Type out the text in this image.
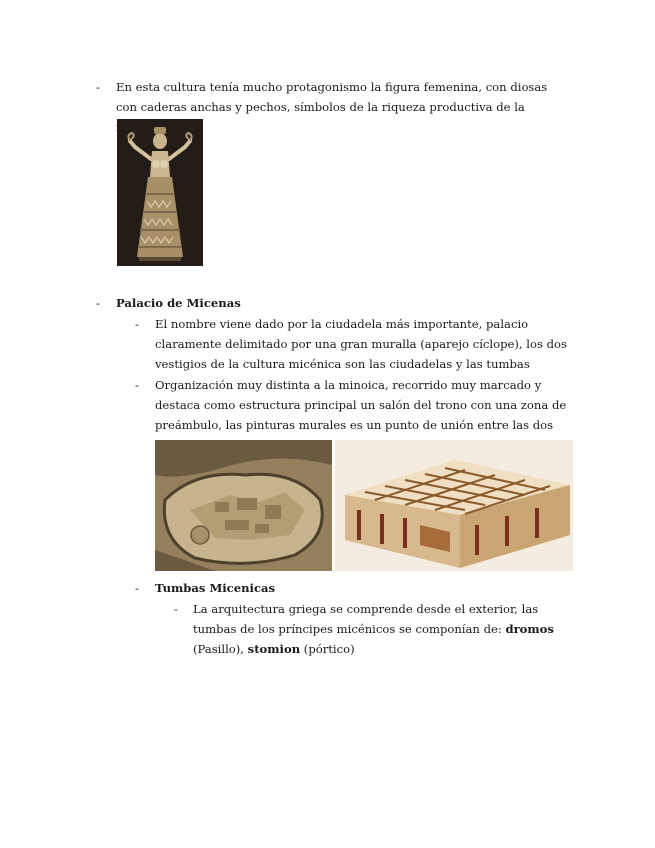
- En esta cultura tenía mucho protagonismo la figura femenina, con diosas con caderas anchas y pechos, símbolos de la riqueza productiva de la
- Palacio de Micenas
- El nombre viene dado por la ciudadela más importante, palacio claramente delimitado por una gran muralla (aparejo cíclope), los dos vestigios de la cultura micénica son las ciudadelas y las tumbas
- Organización muy distinta a la minoica, recorrido muy marcado y destaca como estructura principal un salón del trono con una zona de preámbulo, las pinturas murales es un punto de unión entre las dos
- Tumbas Micenicas
- La arquitectura griega se comprende desde el exterior, las tumbas de los príncipes micénicos se componían de: dromos (Pasillo), stomion (pórtico)
